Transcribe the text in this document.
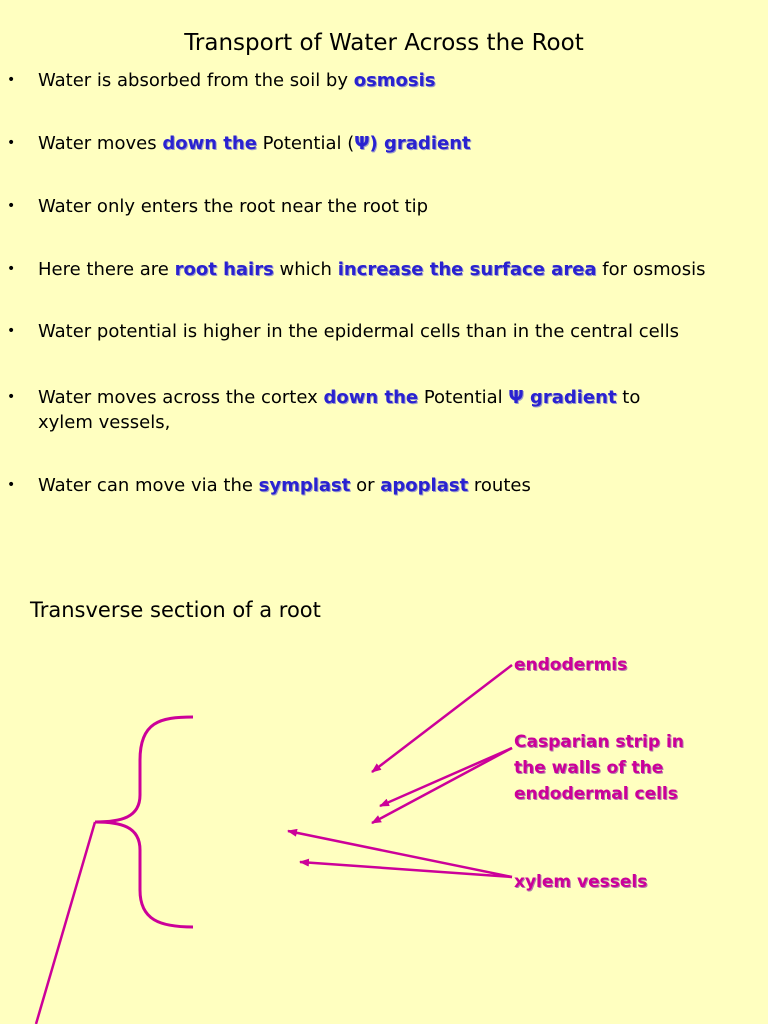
Transport of Water Across the Root
• Water is absorbed from the soil by osmosis
• Water moves down the Potential (Ψ) gradient
• Water only enters the root near the root tip
• Here there are root hairs which increase the surface area for osmosis
• Water potential is higher in the epidermal cells than in the central cells
• Water moves across the cortex down the Potential Ψ gradient to
xylem vessels,
• Water can move via the symplast or apoplast routes
Transverse section of a root
endodermis
Casparian strip in
the walls of the
endodermal cells
xylem vessels
